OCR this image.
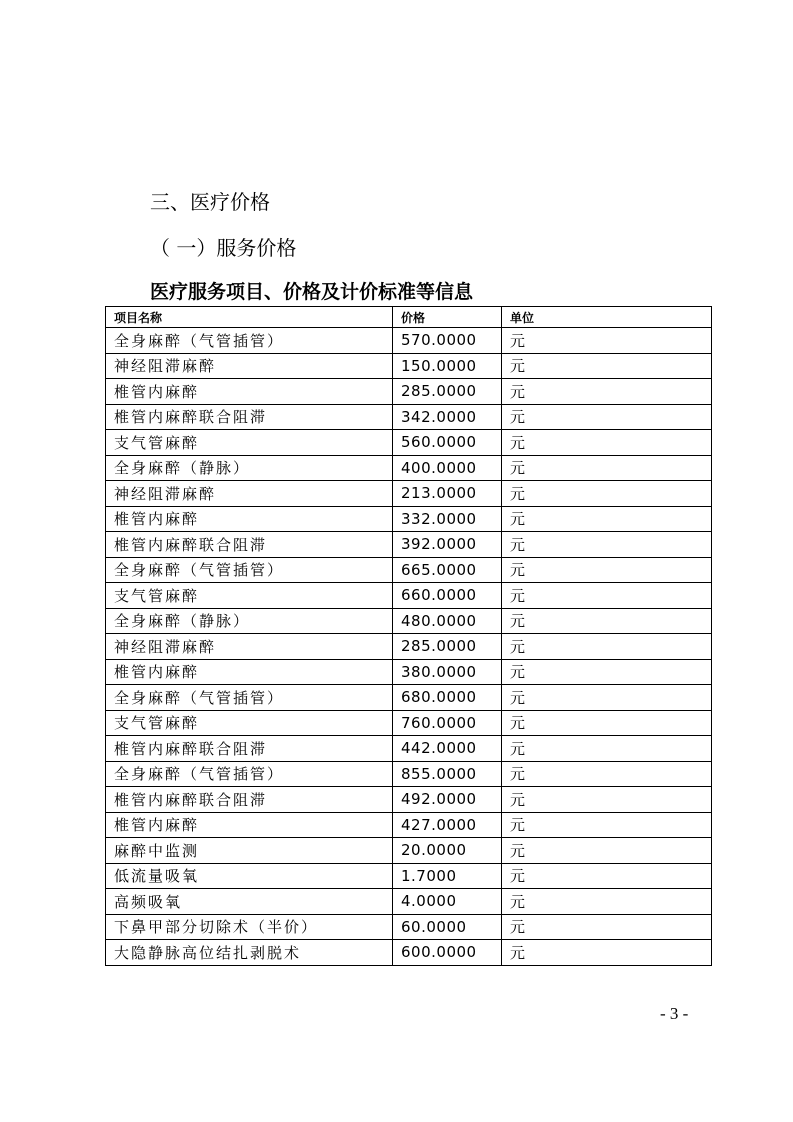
三、医疗价格
（ 一）服务价格
医疗服务项目、价格及计价标准等信息
项目名称	价格	单位
全身麻醉（气管插管）	570.0000	元
神经阻滞麻醉	150.0000	元
椎管内麻醉	285.0000	元
椎管内麻醉联合阻滞	342.0000	元
支气管麻醉	560.0000	元
全身麻醉（静脉）	400.0000	元
神经阻滞麻醉	213.0000	元
椎管内麻醉	332.0000	元
椎管内麻醉联合阻滞	392.0000	元
全身麻醉（气管插管）	665.0000	元
支气管麻醉	660.0000	元
全身麻醉（静脉）	480.0000	元
神经阻滞麻醉	285.0000	元
椎管内麻醉	380.0000	元
全身麻醉（气管插管）	680.0000	元
支气管麻醉	760.0000	元
椎管内麻醉联合阻滞	442.0000	元
全身麻醉（气管插管）	855.0000	元
椎管内麻醉联合阻滞	492.0000	元
椎管内麻醉	427.0000	元
麻醉中监测	20.0000	元
低流量吸氧	1.7000	元
高频吸氧	4.0000	元
下鼻甲部分切除术（半价）	60.0000	元
大隐静脉高位结扎剥脱术	600.0000	元
- 3 -
